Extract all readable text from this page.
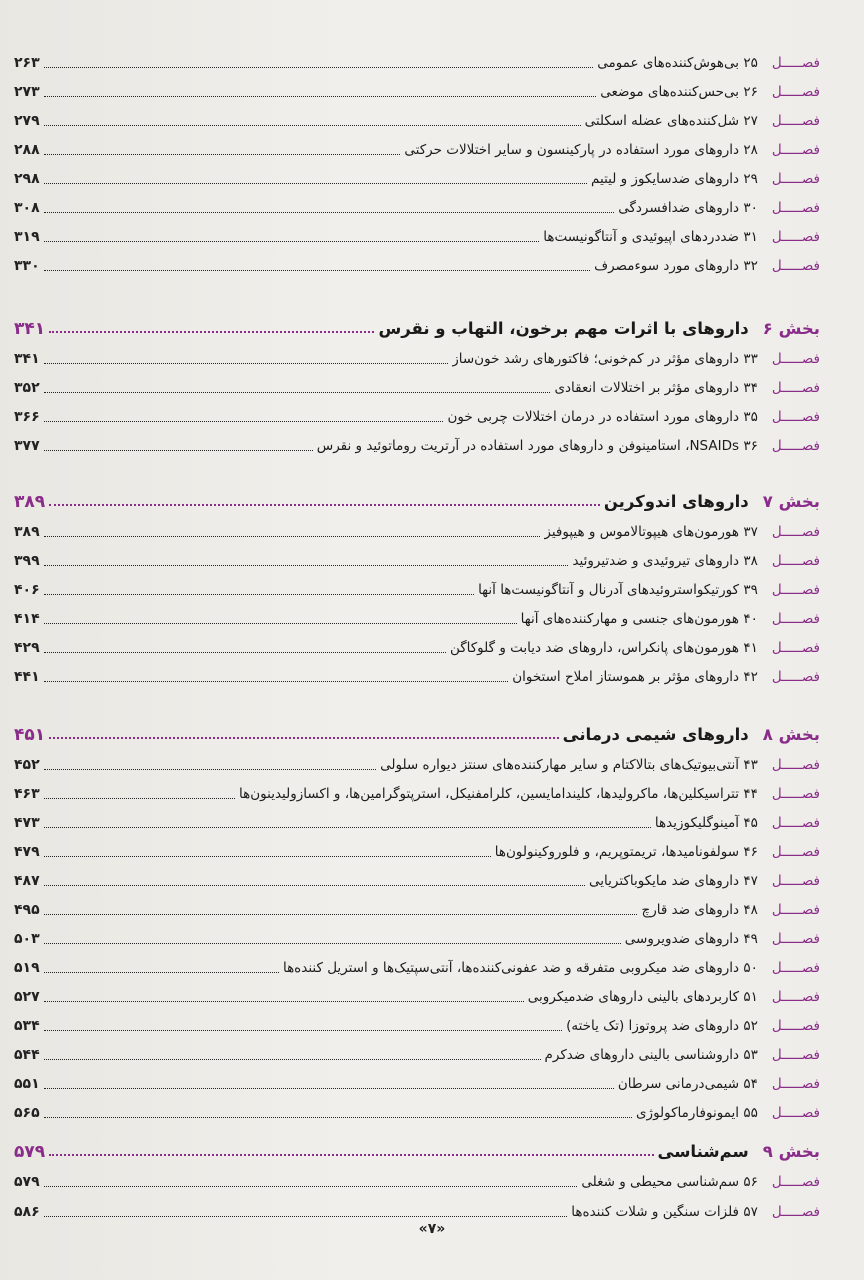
۲۶۳	۲۵ بی‌هوش‌کننده‌های عمومی فصـــــل
۲۷۳	۲۶ بی‌حس‌کننده‌های موضعی فصـــــل
۲۷۹	۲۷ شل‌کننده‌های عضله اسکلتی فصـــــل
۲۸۸	۲۸ داروهای مورد استفاده در پارکینسون و سایر اختلالات حرکتی فصـــــل
۲۹۸	۲۹ داروهای ضدسایکوز و لیتیم فصـــــل
۳۰۸	۳۰ داروهای ضدافسردگی فصـــــل
۳۱۹	۳۱ ضددردهای اپیوئیدی و آنتاگونیست‌ها فصـــــل
۳۳۰	۳۲ داروهای مورد سوءمصرف فصـــــل
۳۴۱	داروهای با اثرات مهم برخون، التهاب و نقرس بخش ۶
۳۴۱	۳۳ داروهای مؤثر در کم‌خونی؛ فاکتورهای رشد خون‌ساز فصـــــل
۳۵۲	۳۴ داروهای مؤثر بر اختلالات انعقادی فصـــــل
۳۶۶	۳۵ داروهای مورد استفاده در درمان اختلالات چربی خون فصـــــل
۳۷۷	۳۶ NSAIDs، استامینوفن و داروهای مورد استفاده در آرتریت روماتوئید و نقرس فصـــــل
۳۸۹	داروهای اندوکرین بخش ۷
۳۸۹	۳۷ هورمون‌های هیپوتالاموس و هیپوفیز فصـــــل
۳۹۹	۳۸ داروهای تیروئیدی و ضدتیروئید فصـــــل
۴۰۶	۳۹ کورتیکواستروئیدهای آدرنال و آنتاگونیست‌ها آنها فصـــــل
۴۱۴	۴۰ هورمون‌های جنسی و مهارکننده‌های آنها فصـــــل
۴۲۹	۴۱ هورمون‌های پانکراس، داروهای ضد دیابت و گلوکاگن فصـــــل
۴۴۱	۴۲ داروهای مؤثر بر هموستاز املاح استخوان فصـــــل
۴۵۱	داروهای شیمی درمانی بخش ۸
۴۵۲	۴۳ آنتی‌بیوتیک‌های بتالاکتام و سایر مهارکننده‌های سنتز دیواره سلولی فصـــــل
۴۶۳	۴۴ تتراسیکلین‌ها، ماکرولیدها، کلیندامایسین، کلرامفنیکل، استرپتوگرامین‌ها، و اکسازولیدینون‌ها فصـــــل
۴۷۳	۴۵ آمینوگلیکوزیدها فصـــــل
۴۷۹	۴۶ سولفونامیدها، تریمتوپریم، و فلوروکینولون‌ها فصـــــل
۴۸۷	۴۷ داروهای ضد مایکوباکتریایی فصـــــل
۴۹۵	۴۸ داروهای ضد قارچ فصـــــل
۵۰۳	۴۹ داروهای ضدویروسی فصـــــل
۵۱۹	۵۰ داروهای ضد میکروبی متفرقه و ضد عفونی‌کننده‌ها، آنتی‌سپتیک‌ها و استریل کننده‌ها فصـــــل
۵۲۷	۵۱ کاربردهای بالینی داروهای ضدمیکروبی فصـــــل
۵۳۴	۵۲ داروهای ضد پروتوزا (تک یاخته) فصـــــل
۵۴۴	۵۳ داروشناسی بالینی داروهای ضدکرم فصـــــل
۵۵۱	۵۴ شیمی‌درمانی سرطان فصـــــل
۵۶۵	۵۵ ایمونوفارماکولوژی فصـــــل
۵۷۹	سم‌شناسی بخش ۹
۵۷۹	۵۶ سم‌شناسی محیطی و شغلی فصـــــل
۵۸۶	۵۷ فلزات سنگین و شلات کننده‌ها فصـــــل
«۷»
